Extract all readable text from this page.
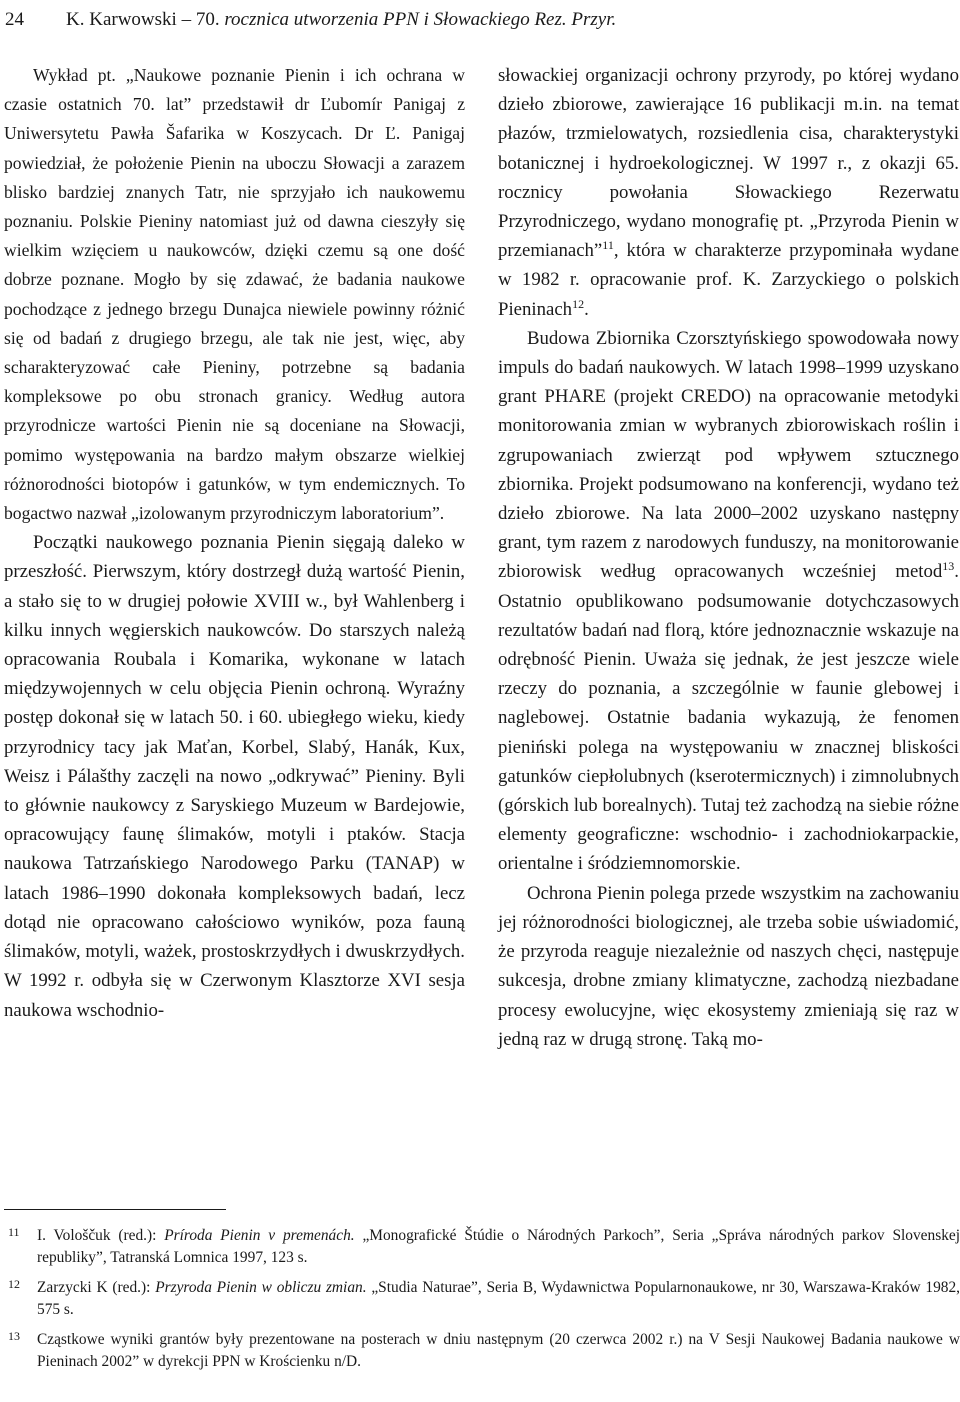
24 K. Karwowski – 70. rocznica utworzenia PPN i Słowackiego Rez. Przyr.

Wykład pt. „Naukowe poznanie Pienin i ich ochrana w czasie ostatnich 70. lat” przedstawił dr Ľubomír Panigaj z Uniwersytetu Pawła Šafarika w Koszycach. Dr Ľ. Panigaj powiedział, że położenie Pienin na uboczu Słowacji a zarazem blisko bardziej znanych Tatr, nie sprzyjało ich naukowemu poznaniu. Polskie Pieniny natomiast już od dawna cieszyły się wielkim wzięciem u naukowców, dzięki czemu są one dość dobrze poznane. Mogło by się zdawać, że badania naukowe pochodzące z jednego brzegu Dunajca niewiele powinny różnić się od badań z drugiego brzegu, ale tak nie jest, więc, aby scharakteryzować całe Pieniny, potrzebne są badania kompleksowe po obu stronach granicy. Według autora przyrodnicze wartości Pienin nie są doceniane na Słowacji, pomimo występowania na bardzo małym obszarze wielkiej różnorodności biotopów i gatunków, w tym endemicznych. To bogactwo nazwał „izolowanym przyrodniczym laboratorium”.

Początki naukowego poznania Pienin sięgają daleko w przeszłość. Pierwszym, który dostrzegł dużą wartość Pienin, a stało się to w drugiej połowie XVIII w., był Wahlenberg i kilku innych węgierskich naukowców. Do starszych należą opracowania Roubala i Komarika, wykonane w latach międzywojennych w celu objęcia Pienin ochroną. Wyraźny postęp dokonał się w latach 50. i 60. ubiegłego wieku, kiedy przyrodnicy tacy jak Maťan, Korbel, Slabý, Hanák, Kux, Weisz i Pálašthy zaczęli na nowo „odkrywać” Pieniny. Byli to głównie naukowcy z Saryskiego Muzeum w Bardejowie, opracowujący faunę ślimaków, motyli i ptaków. Stacja naukowa Tatrzańskiego Narodowego Parku (TANAP) w latach 1986–1990 dokonała kompleksowych badań, lecz dotąd nie opracowano całościowo wyników, poza fauną ślimaków, motyli, ważek, prostoskrzydłych i dwuskrzydłych. W 1992 r. odbyła się w Czerwonym Klasztorze XVI sesja naukowa wschodnio-

słowackiej organizacji ochrony przyrody, po której wydano dzieło zbiorowe, zawierające 16 publikacji m.in. na temat płazów, trzmielowatych, rozsiedlenia cisa, charakterystyki botanicznej i hydroekologicznej. W 1997 r., z okazji 65. rocznicy powołania Słowackiego Rezerwatu Przyrodniczego, wydano monografię pt. „Przyroda Pienin w przemianach”$^{11}$, która w charakterze przypominała wydane w 1982 r. opracowanie prof. K. Zarzyckiego o polskich Pieninach$^{12}$.

Budowa Zbiornika Czorsztyńskiego spowodowała nowy impuls do badań naukowych. W latach 1998–1999 uzyskano grant PHARE (projekt CREDO) na opracowanie metodyki monitorowania zmian w wybranych zbiorowiskach roślin i zgrupowaniach zwierząt pod wpływem sztucznego zbiornika. Projekt podsumowano na konferencji, wydano też dzieło zbiorowe. Na lata 2000–2002 uzyskano następny grant, tym razem z narodowych funduszy, na monitorowanie zbiorowisk według opracowanych wcześniej metod$^{13}$. Ostatnio opublikowano podsumowanie dotychczasowych rezultatów badań nad florą, które jednoznacznie wskazuje na odrębność Pienin. Uważa się jednak, że jest jeszcze wiele rzeczy do poznania, a szczególnie w faunie glebowej i naglebowej. Ostatnie badania wykazują, że fenomen pieniński polega na występowaniu w znacznej bliskości gatunków ciepłolubnych (kserotermicznych) i zimnolubnych (górskich lub borealnych). Tutaj też zachodzą na siebie różne elementy geograficzne: wschodnio- i zachodniokarpackie, orientalne i śródziemnomorskie.

Ochrona Pienin polega przede wszystkim na zachowaniu jej różnorodności biologicznej, ale trzeba sobie uświadomić, że przyroda reaguje niezależnie od naszych chęci, następuje sukcesja, drobne zmiany klimatyczne, zachodzą niezbadane procesy ewolucyjne, więc ekosystemy zmieniają się raz w jedną raz w drugą stronę. Taką mo-

11 I. Vološčuk (red.): Príroda Pienin v premenách. „Monografické Štúdie o Národných Parkoch”, Seria „Správa národných parkov Slovenskej republiky”, Tatranská Lomnica 1997, 123 s.
12 Zarzycki K (red.): Przyroda Pienin w obliczu zmian. „Studia Naturae”, Seria B, Wydawnictwa Popularnonaukowe, nr 30, Warszawa-Kraków 1982, 575 s.
13 Cząstkowe wyniki grantów były prezentowane na posterach w dniu następnym (20 czerwca 2002 r.) na V Sesji Naukowej Badania naukowe w Pieninach 2002” w dyrekcji PPN w Krościenku n/D.
